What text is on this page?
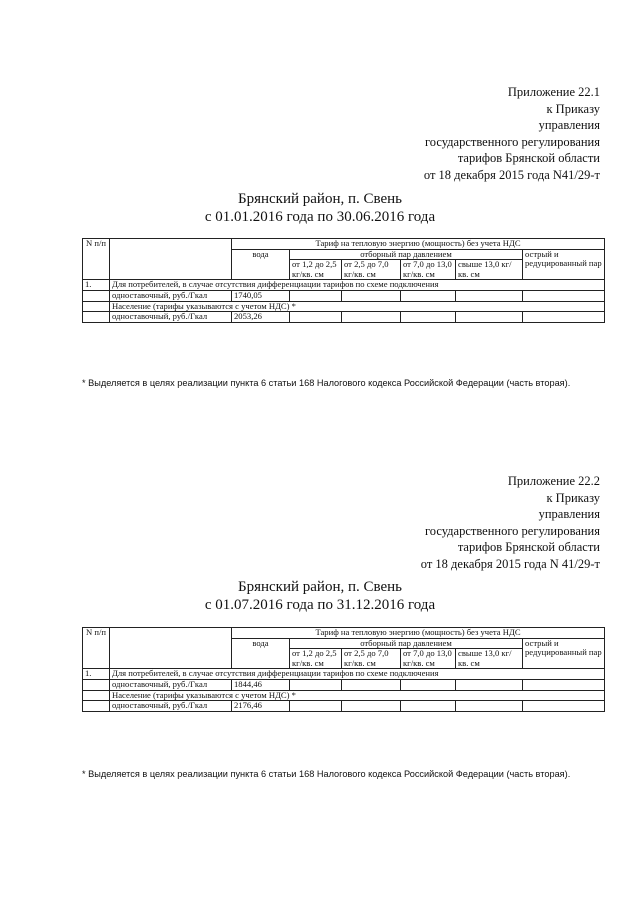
Приложение 22.1
к Приказу
управления
государственного регулирования
тарифов Брянской области
от 18 декабря 2015 года N41/29-т
Брянский район, п. Свень
с 01.01.2016 года по 30.06.2016 года
N п/п		Тариф на тепловую энергию (мощность) без учета НДС					
		вода	отборный пар давлением				острый и редуцированный пар
			от 1,2 до 2,5 кг/кв. см	от 2,5 до 7,0 кг/кв. см	от 7,0 до 13,0 кг/кв. см	свыше 13,0 кг/кв. см	
1.	Для потребителей, в случае отсутствия дифференциации тарифов по схеме подключения						
	одноставочный, руб./Гкал	1740,05					
	Население (тарифы указываются с учетом НДС) *						
	одноставочный, руб./Гкал	2053,26					
* Выделяется в целях реализации пункта 6 статьи 168 Налогового кодекса Российской Федерации (часть вторая).
Приложение 22.2
к Приказу
управления
государственного регулирования
тарифов Брянской области
от 18 декабря 2015 года N 41/29-т
Брянский район, п. Свень
с 01.07.2016 года по 31.12.2016 года
N п/п		Тариф на тепловую энергию (мощность) без учета НДС					
		вода	отборный пар давлением				острый и редуцированный пар
			от 1,2 до 2,5 кг/кв. см	от 2,5 до 7,0 кг/кв. см	от 7,0 до 13,0 кг/кв. см	свыше 13,0 кг/кв. см	
1.	Для потребителей, в случае отсутствия дифференциации тарифов по схеме подключения						
	одноставочный, руб./Гкал	1844,46					
	Население (тарифы указываются с учетом НДС) *						
	одноставочный, руб./Гкал	2176,46					
* Выделяется в целях реализации пункта 6 статьи 168 Налогового кодекса Российской Федерации (часть вторая).
